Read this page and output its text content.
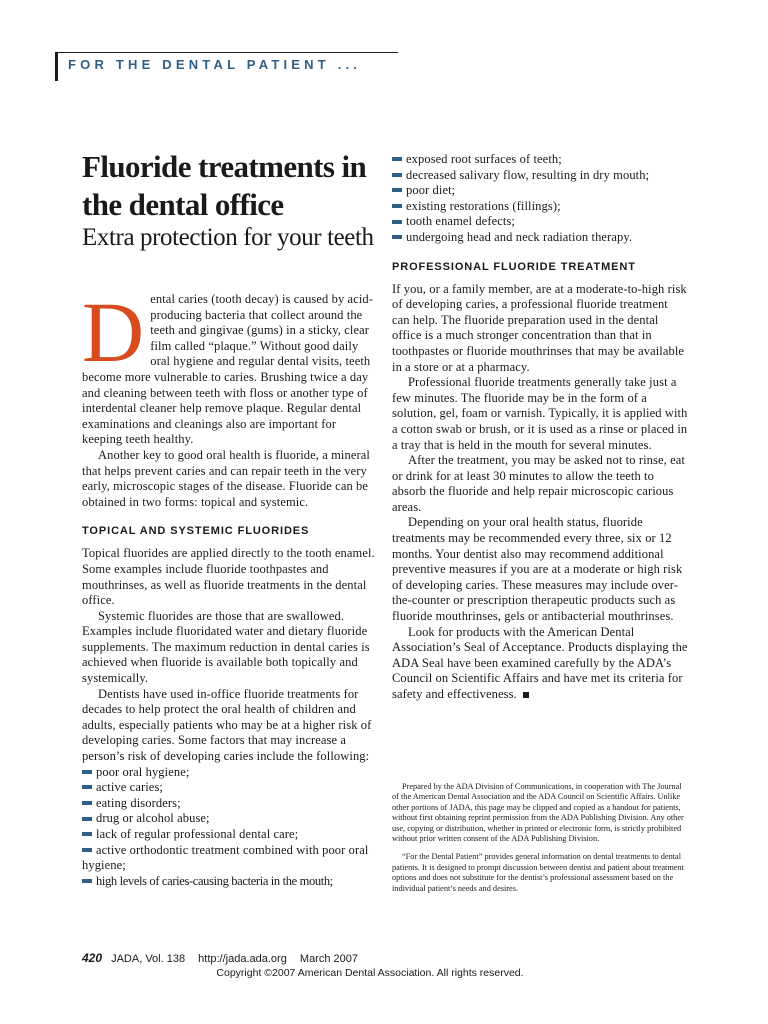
FOR THE DENTAL PATIENT ...
Fluoride treatments in the dental office
Extra protection for your teeth

Dental caries (tooth decay) is caused by acid-producing bacteria that collect around the teeth and gingivae (gums) in a sticky, clear film called “plaque.” Without good daily oral hygiene and regular dental visits, teeth become more vulnerable to caries. Brushing twice a day and cleaning between teeth with floss or another type of interdental cleaner help remove plaque. Regular dental examinations and cleanings also are important for keeping teeth healthy.

Another key to good oral health is fluoride, a mineral that helps prevent caries and can repair teeth in the very early, microscopic stages of the disease. Fluoride can be obtained in two forms: topical and systemic.

TOPICAL AND SYSTEMIC FLUORIDES

Topical fluorides are applied directly to the tooth enamel. Some examples include fluoride toothpastes and mouthrinses, as well as fluoride treatments in the dental office.

Systemic fluorides are those that are swallowed. Examples include fluoridated water and dietary fluoride supplements. The maximum reduction in dental caries is achieved when fluoride is available both topically and systemically.

Dentists have used in-office fluoride treatments for decades to help protect the oral health of children and adults, especially patients who may be at a higher risk of developing caries. Some factors that may increase a person’s risk of developing caries include the following:

poor oral hygiene;
active caries;
eating disorders;
drug or alcohol abuse;
lack of regular professional dental care;
active orthodontic treatment combined with poor oral hygiene;
high levels of caries-causing bacteria in the mouth;
exposed root surfaces of teeth;
decreased salivary flow, resulting in dry mouth;
poor diet;
existing restorations (fillings);
tooth enamel defects;
undergoing head and neck radiation therapy.
PROFESSIONAL FLUORIDE TREATMENT

If you, or a family member, are at a moderate-to-high risk of developing caries, a professional fluoride treatment can help. The fluoride preparation used in the dental office is a much stronger concentration than that in toothpastes or fluoride mouthrinses that may be available in a store or at a pharmacy.

Professional fluoride treatments generally take just a few minutes. The fluoride may be in the form of a solution, gel, foam or varnish. Typically, it is applied with a cotton swab or brush, or it is used as a rinse or placed in a tray that is held in the mouth for several minutes.

After the treatment, you may be asked not to rinse, eat or drink for at least 30 minutes to allow the teeth to absorb the fluoride and help repair microscopic carious areas.

Depending on your oral health status, fluoride treatments may be recommended every three, six or 12 months. Your dentist also may recommend additional preventive measures if you are at a moderate or high risk of developing caries. These measures may include over-the-counter or prescription therapeutic products such as fluoride mouthrinses, gels or antibacterial mouthrinses.

Look for products with the American Dental Association’s Seal of Acceptance. Products displaying the ADA Seal have been examined carefully by the ADA’s Council on Scientific Affairs and have met its criteria for safety and effectiveness.

Prepared by the ADA Division of Communications, in cooperation with The Journal of the American Dental Association and the ADA Council on Scientific Affairs. Unlike other portions of JADA, this page may be clipped and copied as a handout for patients, without first obtaining reprint permission from the ADA Publishing Division. Any other use, copying or distribution, whether in printed or electronic form, is strictly prohibited without prior written consent of the ADA Publishing Division.

“For the Dental Patient” provides general information on dental treatments to dental patients. It is designed to prompt discussion between dentist and patient about treatment options and does not substitute for the dentist’s professional assessment based on the individual patient’s needs and desires.

420 JADA, Vol. 138 http://jada.ada.org March 2007
Copyright ©2007 American Dental Association. All rights reserved.
